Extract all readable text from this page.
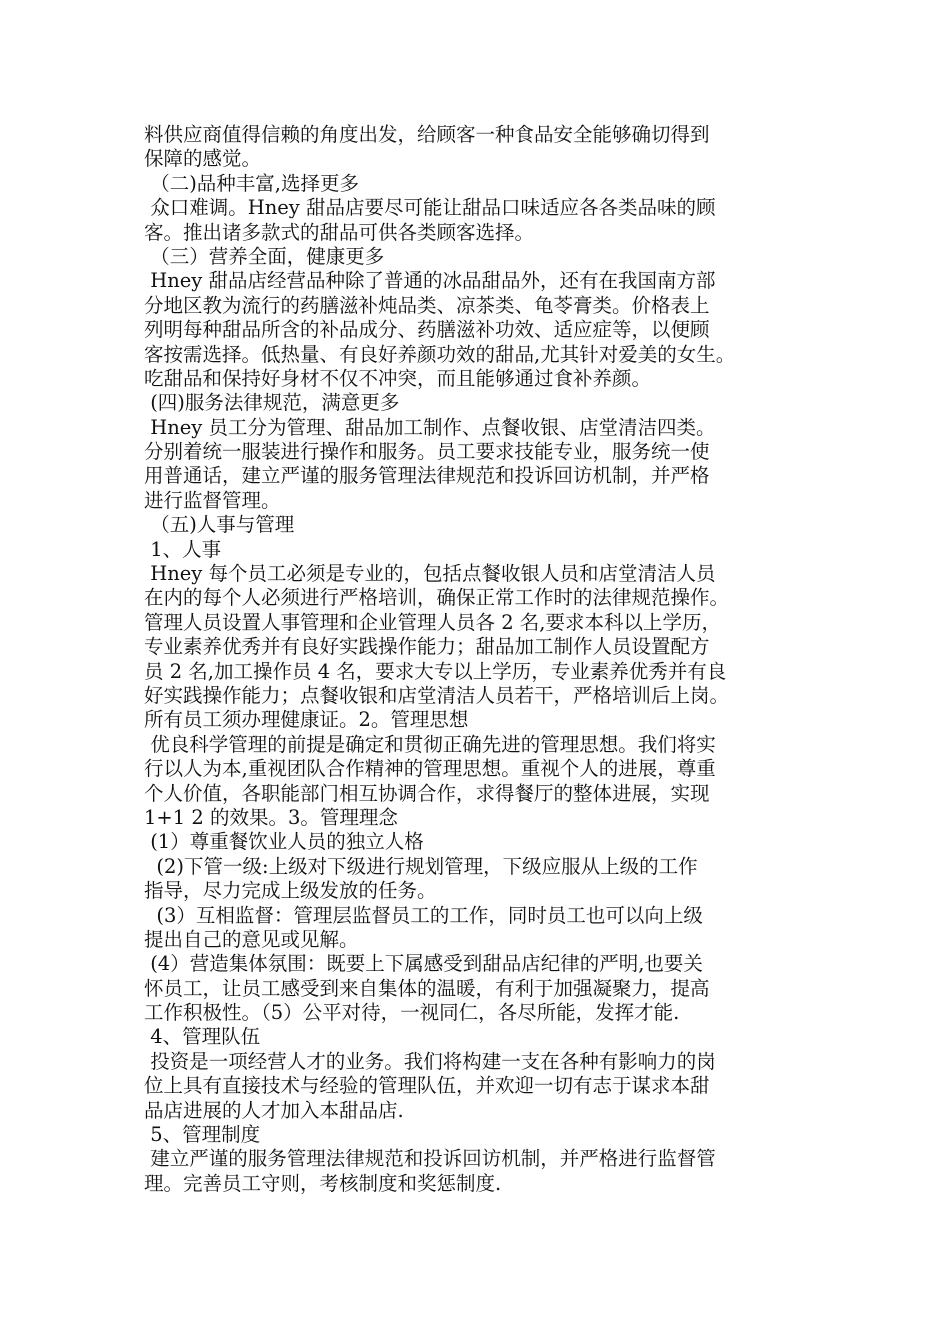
料供应商值得信赖的角度出发，给顾客一种食品安全能够确切得到
保障的感觉。
（二)品种丰富,选择更多
众口难调。Hney 甜品店要尽可能让甜品口味适应各各类品味的顾
客。推出诸多款式的甜品可供各类顾客选择。
（三）营养全面，健康更多
Hney 甜品店经营品种除了普通的冰品甜品外，还有在我国南方部
分地区教为流行的药膳滋补炖品类、凉茶类、龟苓膏类。价格表上
列明每种甜品所含的补品成分、药膳滋补功效、适应症等，以便顾
客按需选择。低热量、有良好养颜功效的甜品,尤其针对爱美的女生。
吃甜品和保持好身材不仅不冲突，而且能够通过食补养颜。
(四)服务法律规范，满意更多
Hney 员工分为管理、甜品加工制作、点餐收银、店堂清洁四类。
分别着统一服装进行操作和服务。员工要求技能专业，服务统一使
用普通话，建立严谨的服务管理法律规范和投诉回访机制，并严格
进行监督管理。
（五)人事与管理
1、人事
Hney 每个员工必须是专业的，包括点餐收银人员和店堂清洁人员
在内的每个人必须进行严格培训，确保正常工作时的法律规范操作。
管理人员设置人事管理和企业管理人员各 2 名,要求本科以上学历，
专业素养优秀并有良好实践操作能力；甜品加工制作人员设置配方
员 2 名,加工操作员 4 名，要求大专以上学历，专业素养优秀并有良
好实践操作能力；点餐收银和店堂清洁人员若干，严格培训后上岗。
所有员工须办理健康证。2。管理思想
优良科学管理的前提是确定和贯彻正确先进的管理思想。我们将实
行以人为本,重视团队合作精神的管理思想。重视个人的进展，尊重
个人价值，各职能部门相互协调合作，求得餐厅的整体进展，实现
1+1 2 的效果。3。管理理念
(1）尊重餐饮业人员的独立人格
(2)下管一级:上级对下级进行规划管理，下级应服从上级的工作
指导，尽力完成上级发放的任务。
(3）互相监督：管理层监督员工的工作，同时员工也可以向上级
提出自己的意见或见解。
(4）营造集体氛围：既要上下属感受到甜品店纪律的严明,也要关
怀员工，让员工感受到来自集体的温暖，有利于加强凝聚力，提高
工作积极性。（5）公平对待，一视同仁，各尽所能，发挥才能.
4、管理队伍
投资是一项经营人才的业务。我们将构建一支在各种有影响力的岗
位上具有直接技术与经验的管理队伍，并欢迎一切有志于谋求本甜
品店进展的人才加入本甜品店.
5、管理制度
建立严谨的服务管理法律规范和投诉回访机制，并严格进行监督管
理。完善员工守则，考核制度和奖惩制度.
